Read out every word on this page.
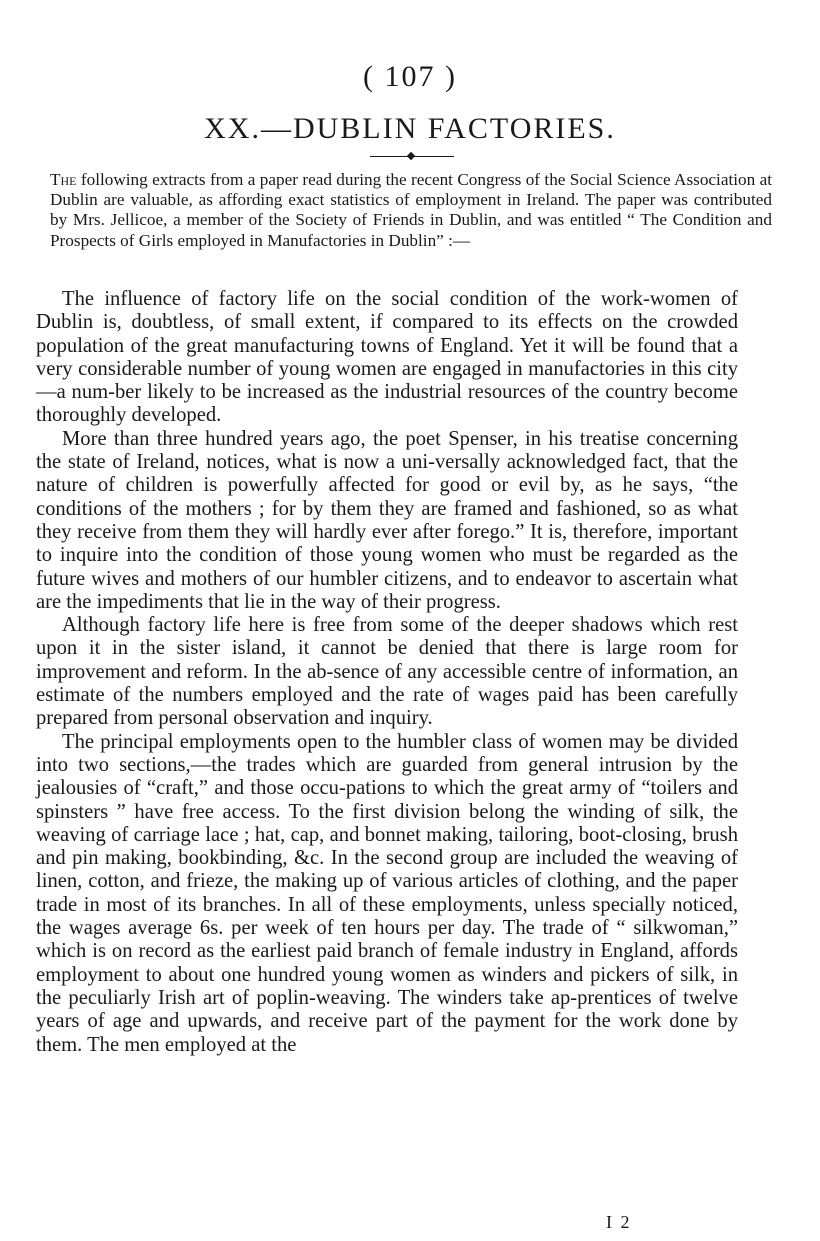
( 107 )
XX.—DUBLIN FACTORIES.
The following extracts from a paper read during the recent Congress of the Social Science Association at Dublin are valuable, as affording exact statistics of employment in Ireland. The paper was contributed by Mrs. Jellicoe, a member of the Society of Friends in Dublin, and was entitled “ The Condition and Prospects of Girls employed in Manufactories in Dublin” :—

The influence of factory life on the social condition of the work-women of Dublin is, doubtless, of small extent, if compared to its effects on the crowded population of the great manufacturing towns of England. Yet it will be found that a very considerable number of young women are engaged in manufactories in this city—a num-ber likely to be increased as the industrial resources of the country become thoroughly developed.

More than three hundred years ago, the poet Spenser, in his treatise concerning the state of Ireland, notices, what is now a uni-versally acknowledged fact, that the nature of children is powerfully affected for good or evil by, as he says, “the conditions of the mothers ; for by them they are framed and fashioned, so as what they receive from them they will hardly ever after forego.” It is, therefore, important to inquire into the condition of those young women who must be regarded as the future wives and mothers of our humbler citizens, and to endeavor to ascertain what are the impediments that lie in the way of their progress.

Although factory life here is free from some of the deeper shadows which rest upon it in the sister island, it cannot be denied that there is large room for improvement and reform. In the ab-sence of any accessible centre of information, an estimate of the numbers employed and the rate of wages paid has been carefully prepared from personal observation and inquiry.

The principal employments open to the humbler class of women may be divided into two sections,—the trades which are guarded from general intrusion by the jealousies of “craft,” and those occu-pations to which the great army of “toilers and spinsters ” have free access. To the first division belong the winding of silk, the weaving of carriage lace ; hat, cap, and bonnet making, tailoring, boot-closing, brush and pin making, bookbinding, &c. In the second group are included the weaving of linen, cotton, and frieze, the making up of various articles of clothing, and the paper trade in most of its branches. In all of these employments, unless specially noticed, the wages average 6s. per week of ten hours per day. The trade of “ silkwoman,” which is on record as the earliest paid branch of female industry in England, affords employment to about one hundred young women as winders and pickers of silk, in the peculiarly Irish art of poplin-weaving. The winders take ap-prentices of twelve years of age and upwards, and receive part of the payment for the work done by them. The men employed at the

I 2
